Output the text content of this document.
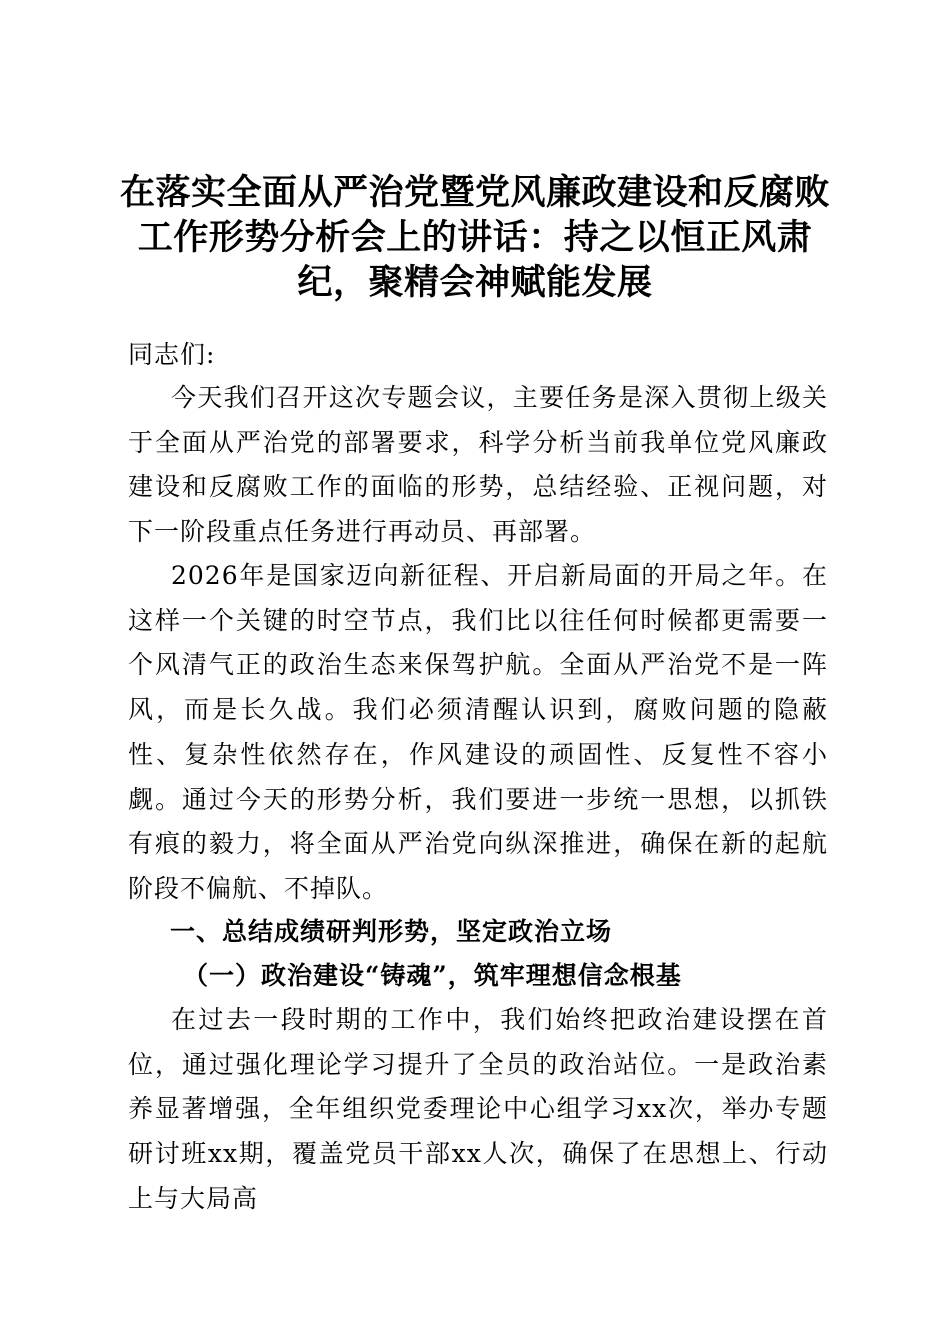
在落实全面从严治党暨党风廉政建设和反腐败工作形势分析会上的讲话：持之以恒正风肃纪，聚精会神赋能发展

同志们:

今天我们召开这次专题会议，主要任务是深入贯彻上级关于全面从严治党的部署要求，科学分析当前我单位党风廉政建设和反腐败工作的面临的形势，总结经验、正视问题，对下一阶段重点任务进行再动员、再部署。

2026年是国家迈向新征程、开启新局面的开局之年。在这样一个关键的时空节点，我们比以往任何时候都更需要一个风清气正的政治生态来保驾护航。全面从严治党不是一阵风，而是长久战。我们必须清醒认识到，腐败问题的隐蔽性、复杂性依然存在，作风建设的顽固性、反复性不容小觑。通过今天的形势分析，我们要进一步统一思想，以抓铁有痕的毅力，将全面从严治党向纵深推进，确保在新的起航阶段不偏航、不掉队。

一、总结成绩研判形势，坚定政治立场
（一）政治建设“铸魂”，筑牢理想信念根基

在过去一段时期的工作中，我们始终把政治建设摆在首位，通过强化理论学习提升了全员的政治站位。一是政治素养显著增强，全年组织党委理论中心组学习xx次，举办专题研讨班xx期，覆盖党员干部xx人次，确保了在思想上、行动上与大局高
